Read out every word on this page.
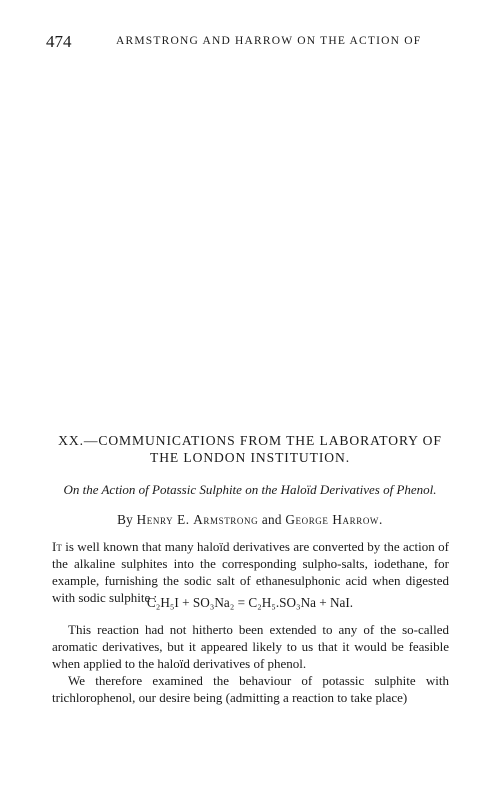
474	ARMSTRONG AND HARROW ON THE ACTION OF
XX.—COMMUNICATIONS FROM THE LABORATORY OF
THE LONDON INSTITUTION.
On the Action of Potassic Sulphite on the Haloïd Derivatives of Phenol.
By Henry E. Armstrong and George Harrow.

It is well known that many haloïd derivatives are converted by the action of the alkaline sulphites into the corresponding sulpho-salts, iodethane, for example, furnishing the sodic salt of ethanesulphonic acid when digested with sodic sulphite :

C₂H₅I + SO₃Na₂ = C₂H₅.SO₃Na + NaI.

This reaction had not hitherto been extended to any of the so-called aromatic derivatives, but it appeared likely to us that it would be feasible when applied to the haloïd derivatives of phenol.

We therefore examined the behaviour of potassic sulphite with trichlorophenol, our desire being (admitting a reaction to take place)
